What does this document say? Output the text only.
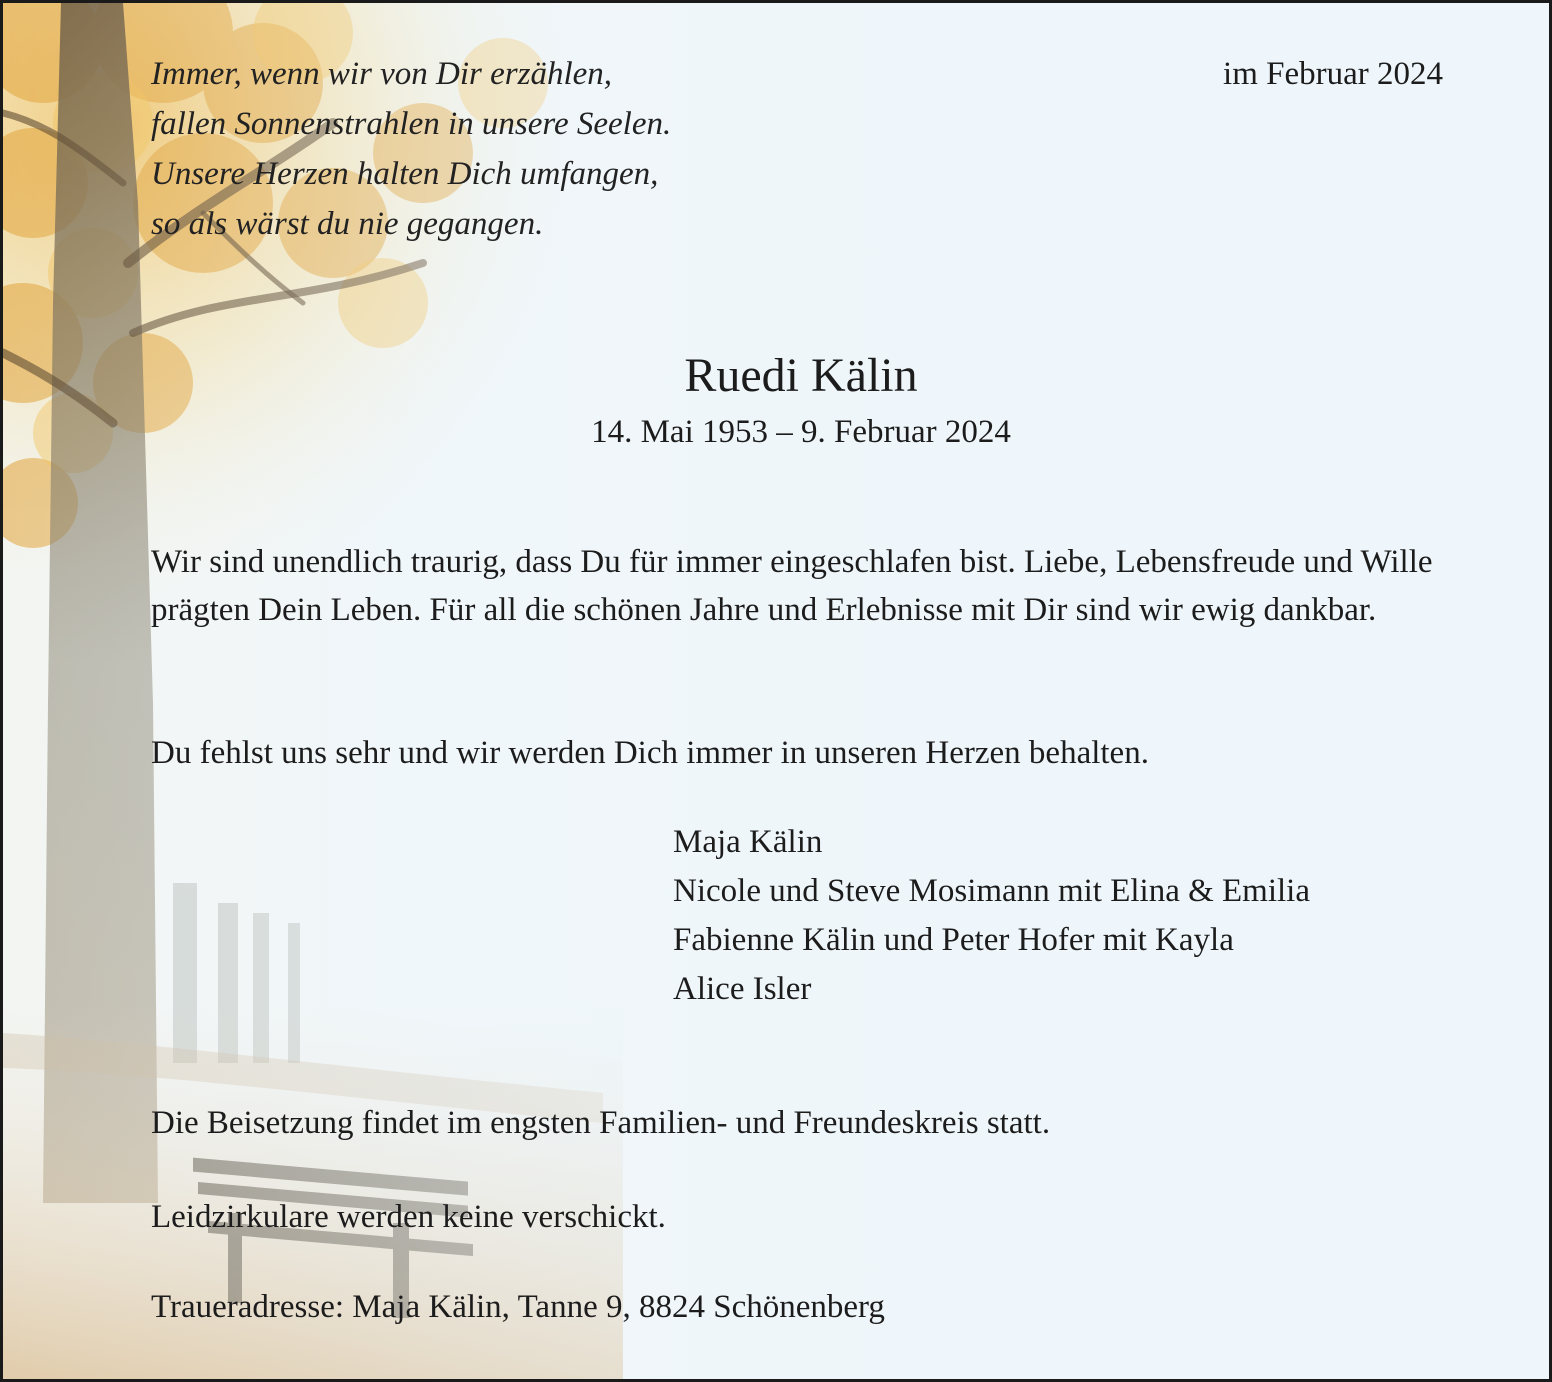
Immer, wenn wir von Dir erzählen,
fallen Sonnenstrahlen in unsere Seelen.
Unsere Herzen halten Dich umfangen,
so als wärst du nie gegangen.
im Februar 2024
Ruedi Kälin
14. Mai 1953 – 9. Februar 2024
Wir sind unendlich traurig, dass Du für immer eingeschlafen bist. Liebe, Lebensfreude und Wille prägten Dein Leben. Für all die schönen Jahre und Erlebnisse mit Dir sind wir ewig dankbar.
Du fehlst uns sehr und wir werden Dich immer in unseren Herzen behalten.
Maja Kälin
Nicole und Steve Mosimann mit Elina & Emilia
Fabienne Kälin und Peter Hofer mit Kayla
Alice Isler
Die Beisetzung findet im engsten Familien- und Freundeskreis statt.
Leidzirkulare werden keine verschickt.
Traueradresse: Maja Kälin, Tanne 9, 8824 Schönenberg
